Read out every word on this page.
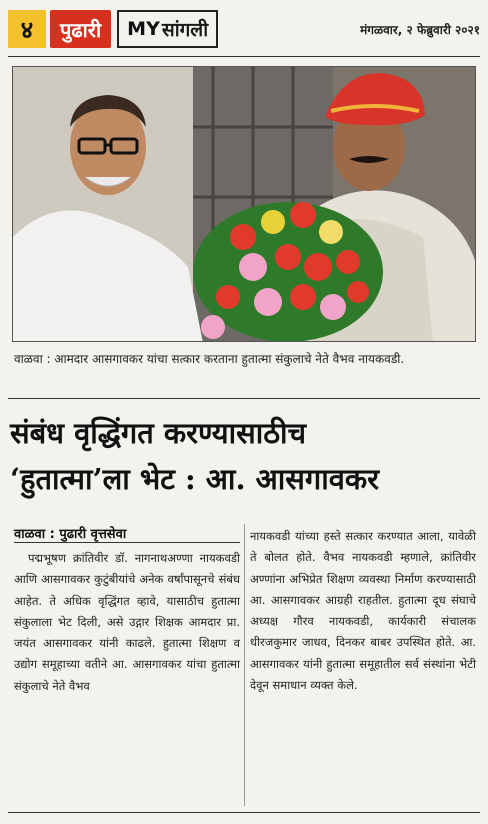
४	पुढारी	MY सांगली	मंगळवार, २ फेब्रुवारी २०२१
वाळवा : आमदार आसगावकर यांचा सत्कार करताना हुतात्मा संकुलाचे नेते वैभव नायकवडी.
संबंध वृद्धिंगत करण्यासाठीच
‘हुतात्मा’ला भेट : आ. आसगावकर
वाळवा : पुढारी वृत्तसेवा
पद्मभूषण क्रांतिवीर डॉ. नागनाथअण्णा नायकवडी आणि आसगावकर कुटुंबीयांचे अनेक वर्षांपासूनचे संबंध आहेत. ते अधिक वृद्धिंगत व्हावे, यासाठीच हुतात्मा संकुलाला भेट दिली, असे उद्गार शिक्षक आमदार प्रा. जयंत आसगावकर यांनी काढले. हुतात्मा शिक्षण व उद्योग समूहाच्या वतीने आ. आसगावकर यांचा हुतात्मा संकुलाचे नेते वैभव
नायकवडी यांच्या हस्ते सत्कार करण्यात आला, यावेळी ते बोलत होते. वैभव नायकवडी म्हणाले, क्रांतिवीर अण्णांना अभिप्रेत शिक्षण व्यवस्था निर्माण करण्यासाठी आ. आसगावकर आग्रही राहतील. हुतात्मा दूध संघाचे अध्यक्ष गौरव नायकवडी, कार्यकारी संचालक धीरजकुमार जाधव, दिनकर बाबर उपस्थित होते. आ. आसगावकर यांनी हुतात्मा समूहातील सर्व संस्थांना भेटी देवून समाधान व्यक्त केले.
